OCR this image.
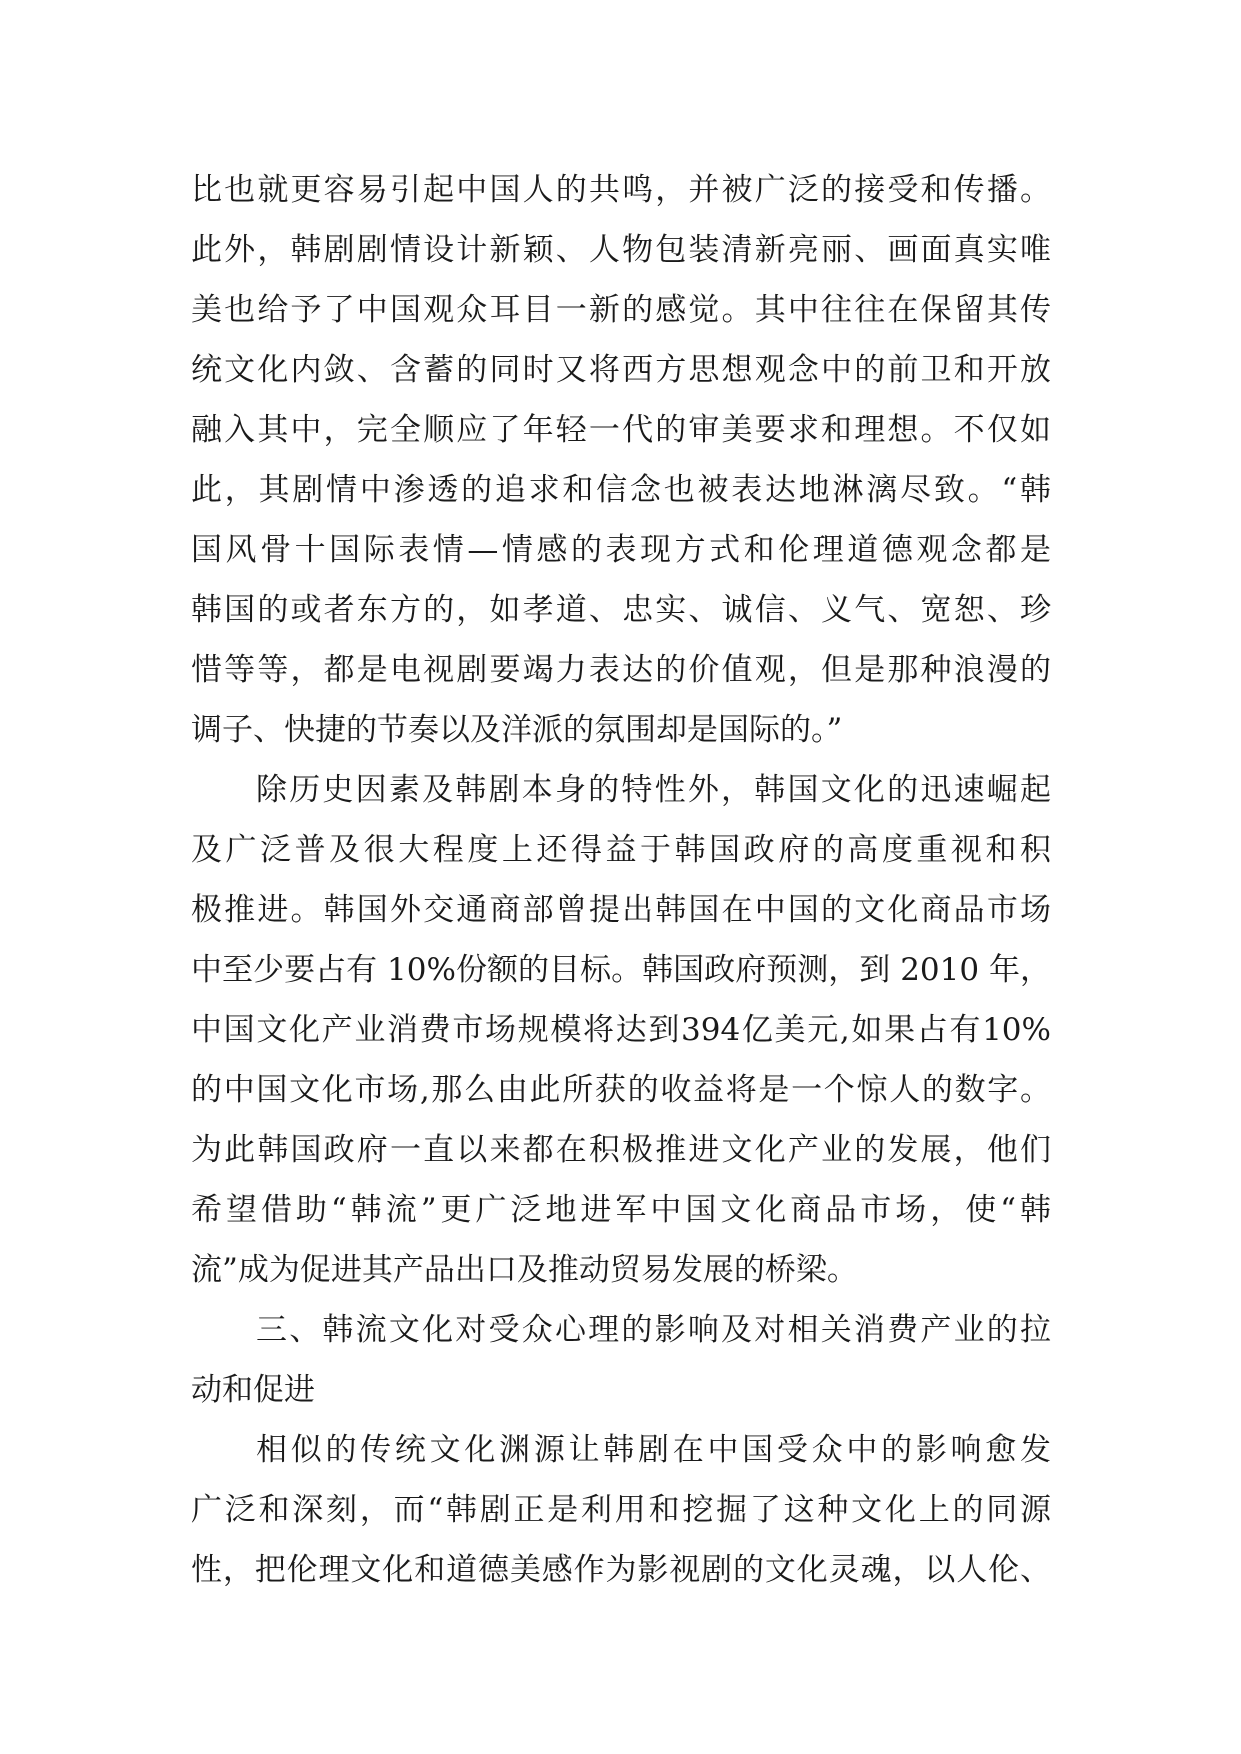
比也就更容易引起中国人的共鸣，并被广泛的接受和传播。
此外，韩剧剧情设计新颖、人物包装清新亮丽、画面真实唯
美也给予了中国观众耳目一新的感觉。其中往往在保留其传
统文化内敛、含蓄的同时又将西方思想观念中的前卫和开放
融入其中，完全顺应了年轻一代的审美要求和理想。不仅如
此，其剧情中渗透的追求和信念也被表达地淋漓尽致。“韩
国风骨十国际表情—情感的表现方式和伦理道德观念都是
韩国的或者东方的，如孝道、忠实、诚信、义气、宽恕、珍
惜等等，都是电视剧要竭力表达的价值观，但是那种浪漫的
调子、快捷的节奏以及洋派的氛围却是国际的。”
除历史因素及韩剧本身的特性外，韩国文化的迅速崛起
及广泛普及很大程度上还得益于韩国政府的高度重视和积
极推进。韩国外交通商部曾提出韩国在中国的文化商品市场
中至少要占有 10%份额的目标。韩国政府预测，到 2010 年，
中国文化产业消费市场规模将达到394亿美元,如果占有10%
的中国文化市场,那么由此所获的收益将是一个惊人的数字。
为此韩国政府一直以来都在积极推进文化产业的发展，他们
希望借助“韩流”更广泛地进军中国文化商品市场，使“韩
流”成为促进其产品出口及推动贸易发展的桥梁。
三、韩流文化对受众心理的影响及对相关消费产业的拉
动和促进
相似的传统文化渊源让韩剧在中国受众中的影响愈发
广泛和深刻，而“韩剧正是利用和挖掘了这种文化上的同源
性，把伦理文化和道德美感作为影视剧的文化灵魂，以人伦、
